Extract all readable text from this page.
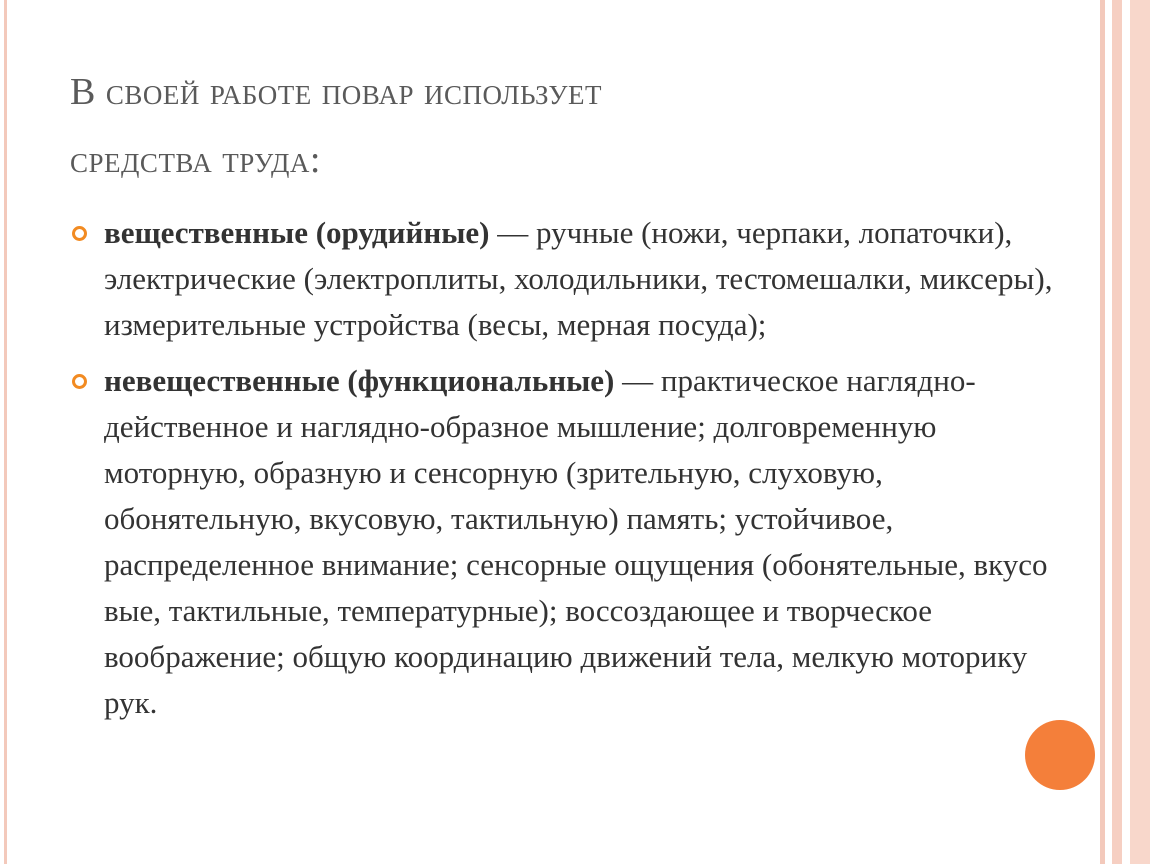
В своей работе повар использует
средства труда:
вещественные (орудийные) — ручные (ножи, черпаки, лопаточки), электрические (электроплиты, холодильники, тестомешалки, миксеры), измерительные устройства (весы, мерная посуда);
невещественные (функциональные) — практическое наглядно-действенное и наглядно-образное мышление; долговременную моторную, образную и сенсорную (зрительную, слуховую, обонятельную, вкусовую, тактильную) память; устойчивое, распределенное внимание; сенсорные ощущения (обонятельные, вкусо вые, тактильные, температурные); воссоздающее и творческое воображение; общую координацию движений тела, мелкую моторику рук.
